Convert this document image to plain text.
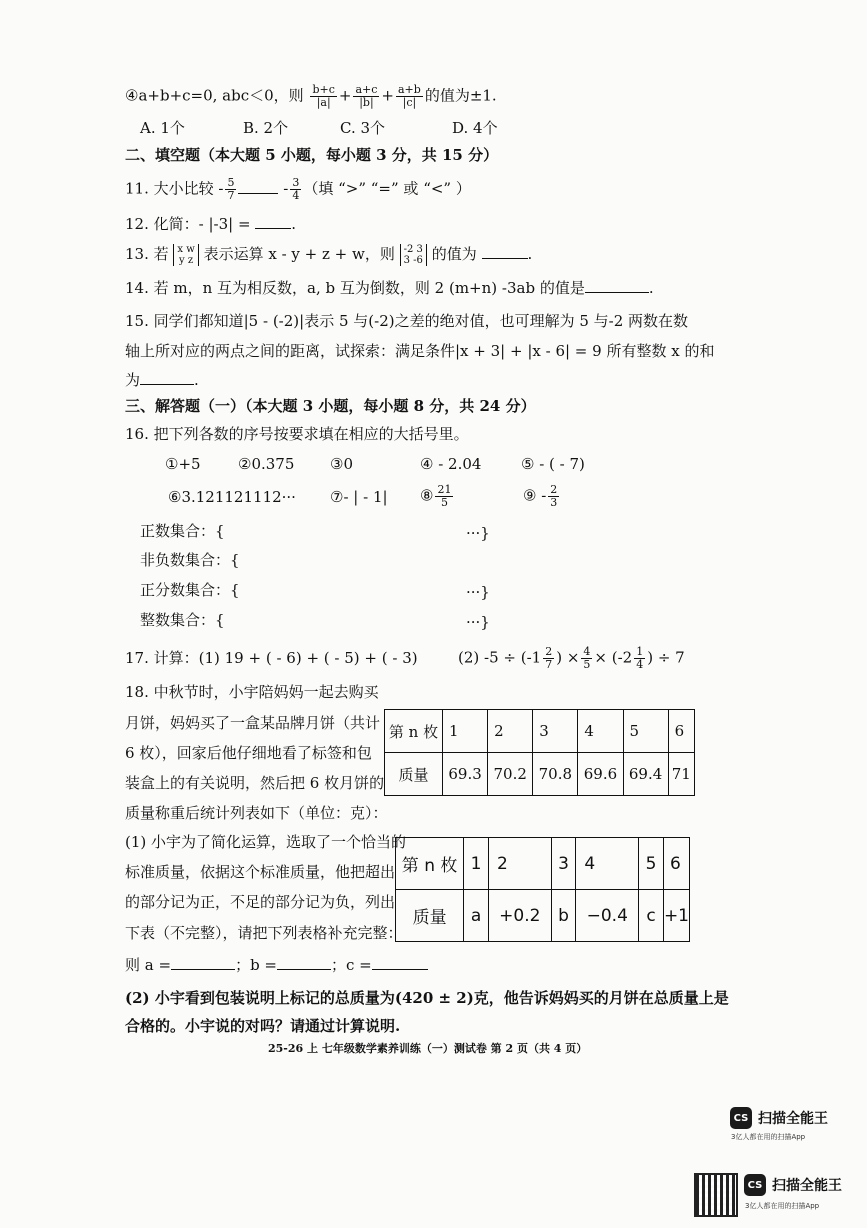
④a+b+c=0, abc＜0，则 $\frac{b+c}{|a|} + \frac{a+c}{|b|} + \frac{a+b}{|c|}$ 的值为±1.
A. 1个	B. 2个	C. 3个	D. 4个
二、填空题（本大题 5 小题，每小题 3 分，共 15 分）
11. 大小比较 - $\frac{5}{7}$	- $\frac{3}{4}$ （填 “>” “=” 或 “<” ）
12. 化简：- |-3| = .
13. 若 x w
y z 表示运算 x - y + z + w，则 -2 3
3 -6 的值为	.
14. 若 m，n 互为相反数，a, b 互为倒数，则 2 (m+n) -3ab 的值是	.
15. 同学们都知道|5 - (-2)|表示 5 与(-2)之差的绝对值，也可理解为 5 与-2 两数在数
轴上所对应的两点之间的距离，试探索：满足条件|x + 3| + |x - 6| = 9 所有整数 x 的和
为	.
三、解答题（一）（本大题 3 小题，每小题 8 分，共 24 分）
16. 把下列各数的序号按要求填在相应的大括号里。
①+5 ②0.375 ③0	④ - 2.04	⑤ - ( - 7)
⑥3.121121112··· ⑦- | - 1| ⑧ $\frac{21}{5}$	⑨ - $\frac{2}{3}$
正数集合：{	···}
非负数集合：{
正分数集合：{	···}
整数集合：{	···}
17. 计算：(1) 19 + ( - 6) + ( - 5) + ( - 3)	(2) $-5 \div (-1 \frac{2}{7}$ ) × $\frac{4}{5} \times (-2 \frac{1}{4}$ ) ÷ 7
18. 中秋节时，小宇陪妈妈一起去购买
月饼，妈妈买了一盒某品牌月饼（共计
6 枚），回家后他仔细地看了标签和包
装盒上的有关说明，然后把 6 枚月饼的
质量称重后统计列表如下（单位：克）：
第 n 枚	1	2	3	4	5	6
质量	69.3	70.2	70.8	69.6	69.4	71
(1) 小宇为了简化运算，选取了一个恰当的
标准质量，依据这个标准质量，他把超出
的部分记为正，不足的部分记为负，列出
下表（不完整），请把下列表格补充完整：
第 n 枚	1	2	3	4	5	6
质量	a	+0.2	b	−0.4	c	+1
则 a =	；b =	；c =
(2) 小宇看到包装说明上标记的总质量为(420 ± 2)克，他告诉妈妈买的月饼在总质量上是
合格的。小宇说的对吗？请通过计算说明.
25-26 上 七年级数学素养训练（一）测试卷 第 2 页（共 4 页）
CS 扫描全能王
3亿人都在用的扫描App
CS 扫描全能王
3亿人都在用的扫描App
